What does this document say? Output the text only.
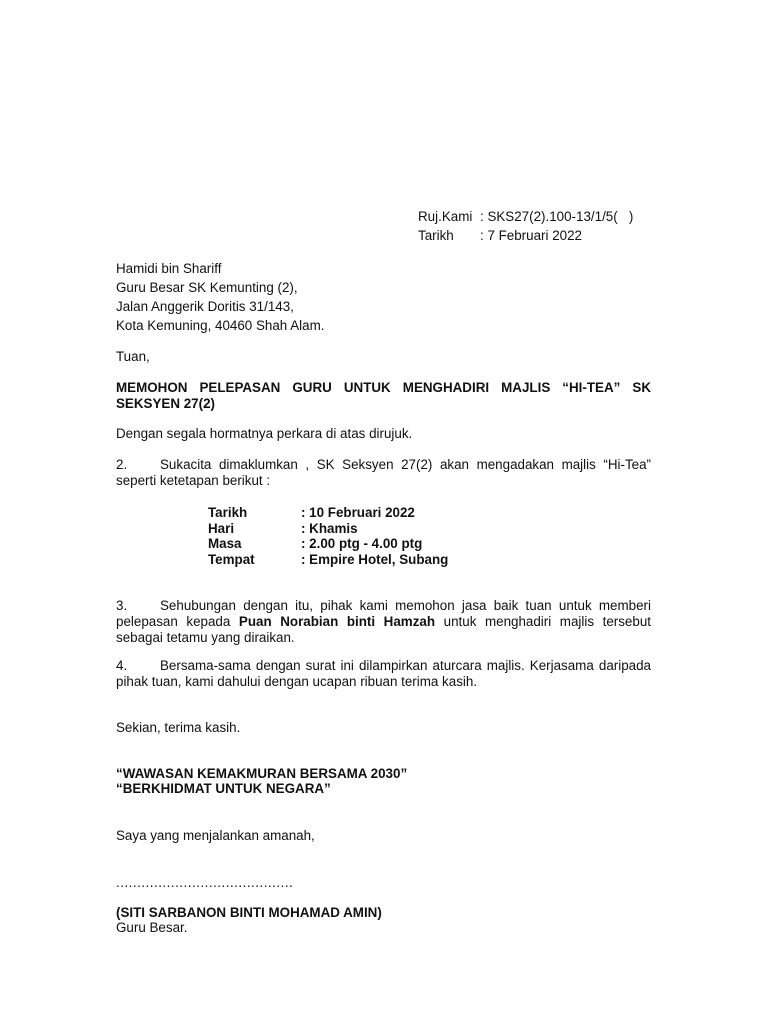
Ruj.Kami : SKS27(2).100-13/1/5(   )
Tarikh	: 7 Februari 2022
Hamidi bin Shariff
Guru Besar SK Kemunting (2),
Jalan Anggerik Doritis 31/143,
Kota Kemuning, 40460 Shah Alam.
Tuan,
MEMOHON PELEPASAN GURU UNTUK MENGHADIRI MAJLIS “HI-TEA” SK
SEKSYEN 27(2)
Dengan segala hormatnya perkara di atas dirujuk.
2. Sukacita dimaklumkan , SK Seksyen 27(2) akan mengadakan majlis “Hi-Tea” seperti ketetapan berikut :
Tarikh	: 10 Februari 2022
Hari	: Khamis
Masa	: 2.00 ptg - 4.00 ptg
Tempat	: Empire Hotel, Subang
3. Sehubungan dengan itu, pihak kami memohon jasa baik tuan untuk memberi pelepasan kepada Puan Norabian binti Hamzah untuk menghadiri majlis tersebut sebagai tetamu yang diraikan.
4. Bersama-sama dengan surat ini dilampirkan aturcara majlis. Kerjasama daripada pihak tuan, kami dahului dengan ucapan ribuan terima kasih.
Sekian, terima kasih.
“WAWASAN KEMAKMURAN BERSAMA 2030”
“BERKHIDMAT UNTUK NEGARA”
Saya yang menjalankan amanah,
..........................................
(SITI SARBANON BINTI MOHAMAD AMIN)
Guru Besar.
